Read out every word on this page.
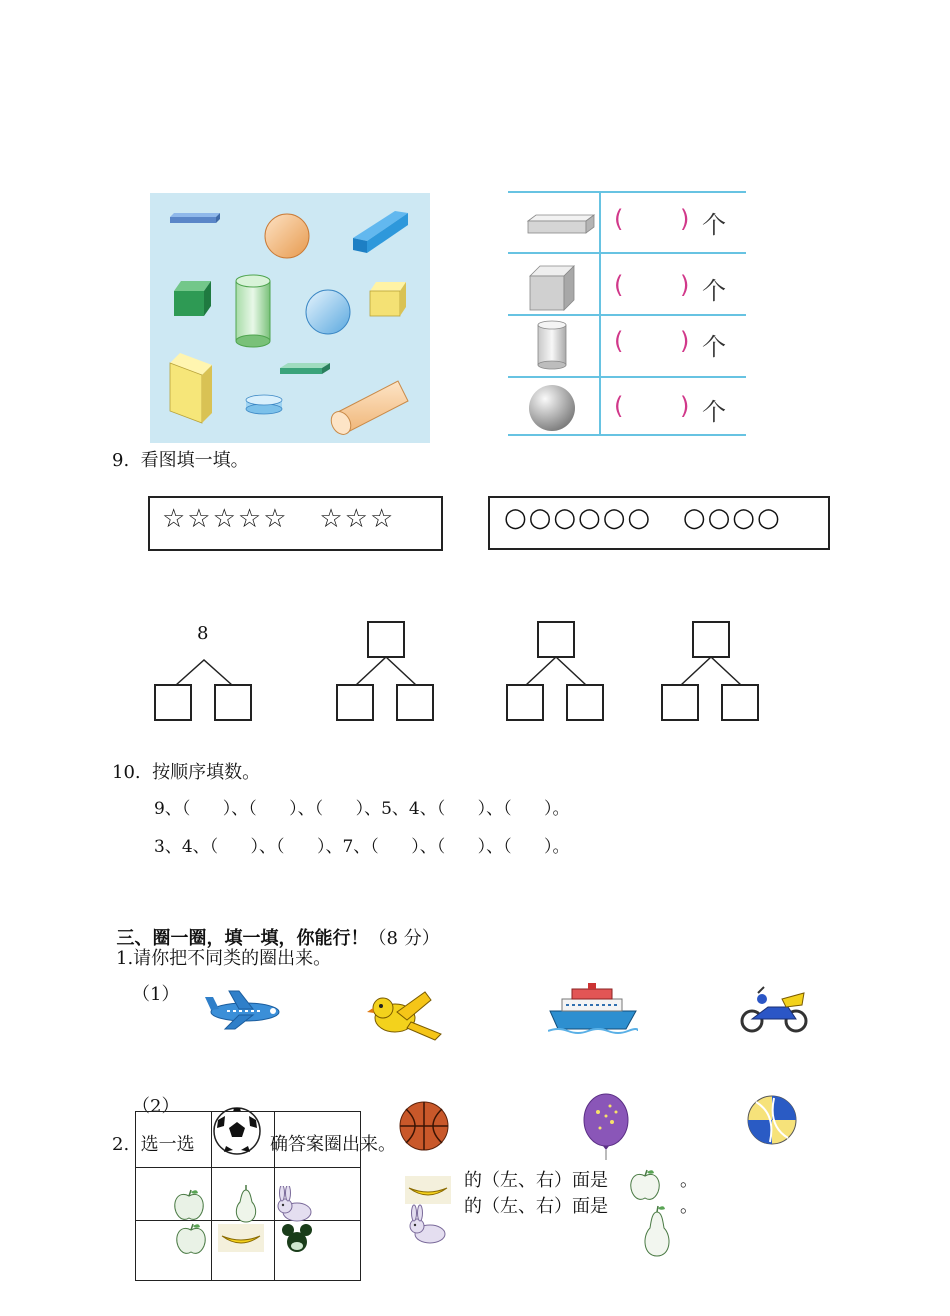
( ) 个
( ) 个
( ) 个
( ) 个
9.  看图填一填。
☆☆☆☆☆   ☆☆☆	○○○○○○   ○○○○
8
10.  按顺序填数。
9、（      ）、（      ）、（      ）、5、4、（      ）、（      ）。
3、4、（      ）、（      ）、7、（      ）、（      ）、（      ）。

三、圈一圈，填一填，你能行！（8 分）

1.请你把不同类的圈出来。
（1）
（2）
2.  选一选	确答案圈出来。

的（左、右）面是	。
的（左、右）面是	。
